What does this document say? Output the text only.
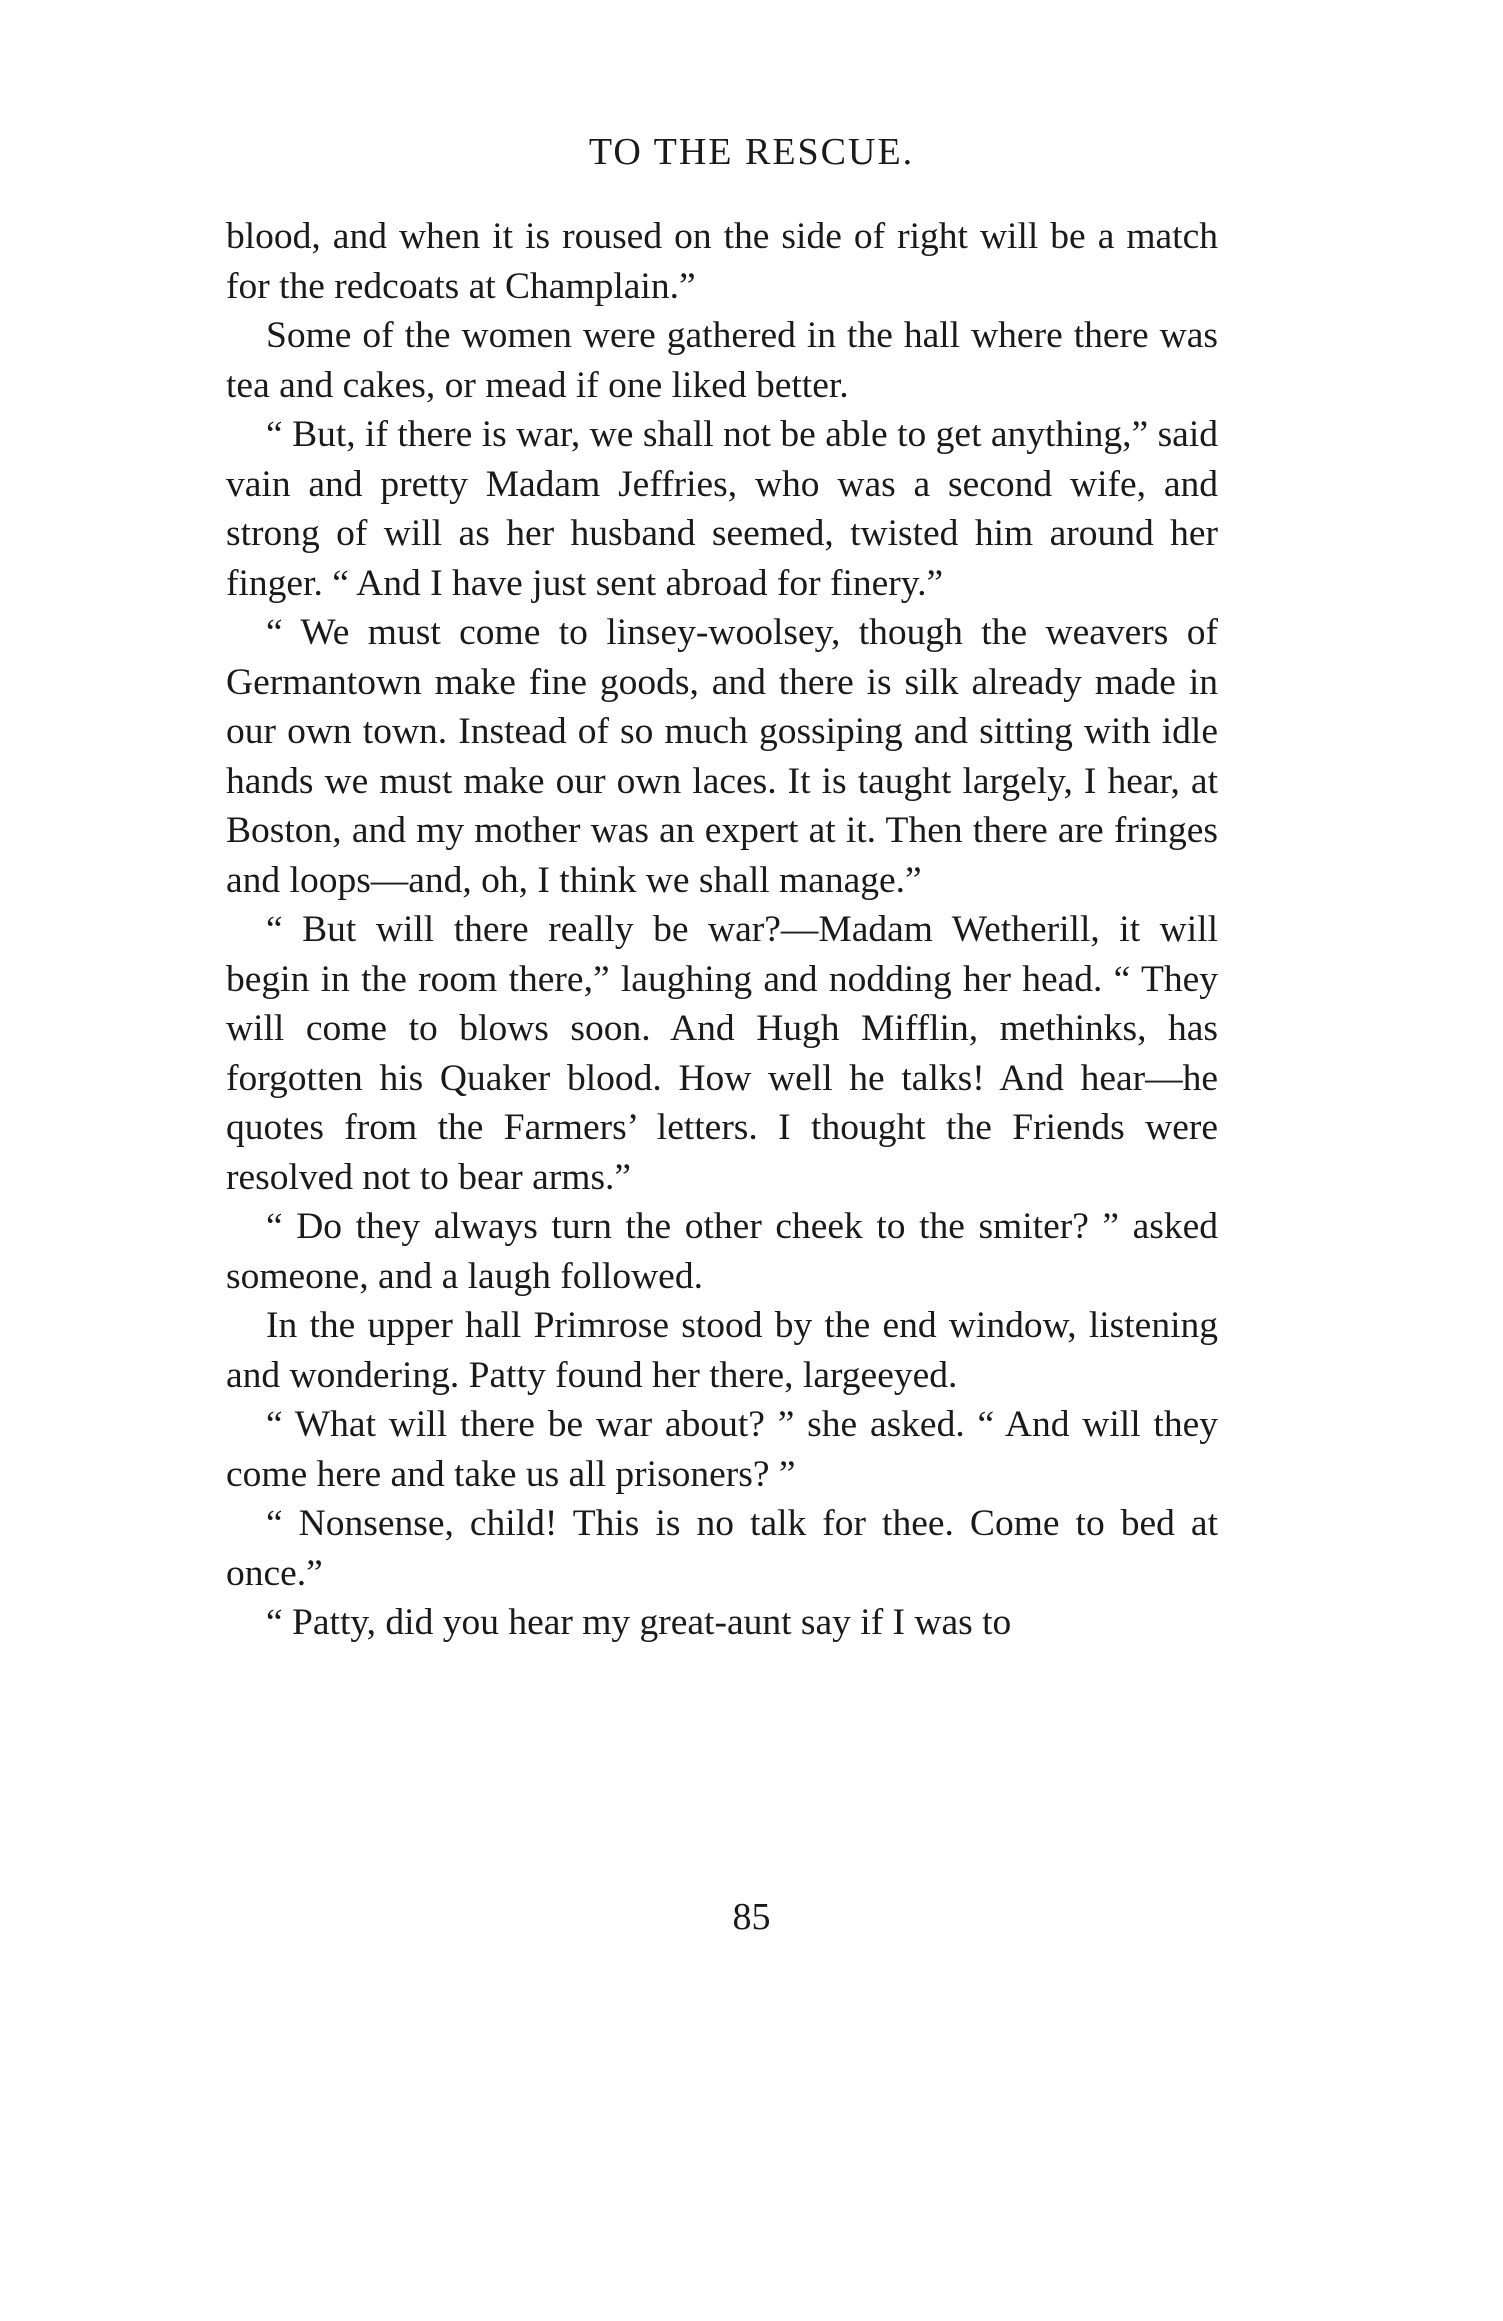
TO THE RESCUE.

blood, and when it is roused on the side of right will be a match for the redcoats at Champlain.”

Some of the women were gathered in the hall where there was tea and cakes, or mead if one liked better.

“ But, if there is war, we shall not be able to get anything,” said vain and pretty Madam Jeffries, who was a second wife, and strong of will as her husband seemed, twisted him around her finger. “ And I have just sent abroad for finery.”

“ We must come to linsey-woolsey, though the weavers of Germantown make fine goods, and there is silk already made in our own town. Instead of so much gossiping and sitting with idle hands we must make our own laces. It is taught largely, I hear, at Boston, and my mother was an expert at it. Then there are fringes and loops—and, oh, I think we shall manage.”

“ But will there really be war?—Madam Wetherill, it will begin in the room there,” laughing and nodding her head. “ They will come to blows soon. And Hugh Mifflin, methinks, has forgotten his Quaker blood. How well he talks! And hear—he quotes from the Farmers’ letters. I thought the Friends were resolved not to bear arms.”

“ Do they always turn the other cheek to the smiter? ” asked someone, and a laugh followed.

In the upper hall Primrose stood by the end window, listening and wondering. Patty found her there, largeeyed.

“ What will there be war about? ” she asked. “ And will they come here and take us all prisoners? ”

“ Nonsense, child! This is no talk for thee. Come to bed at once.”

“ Patty, did you hear my great-aunt say if I was to

85
